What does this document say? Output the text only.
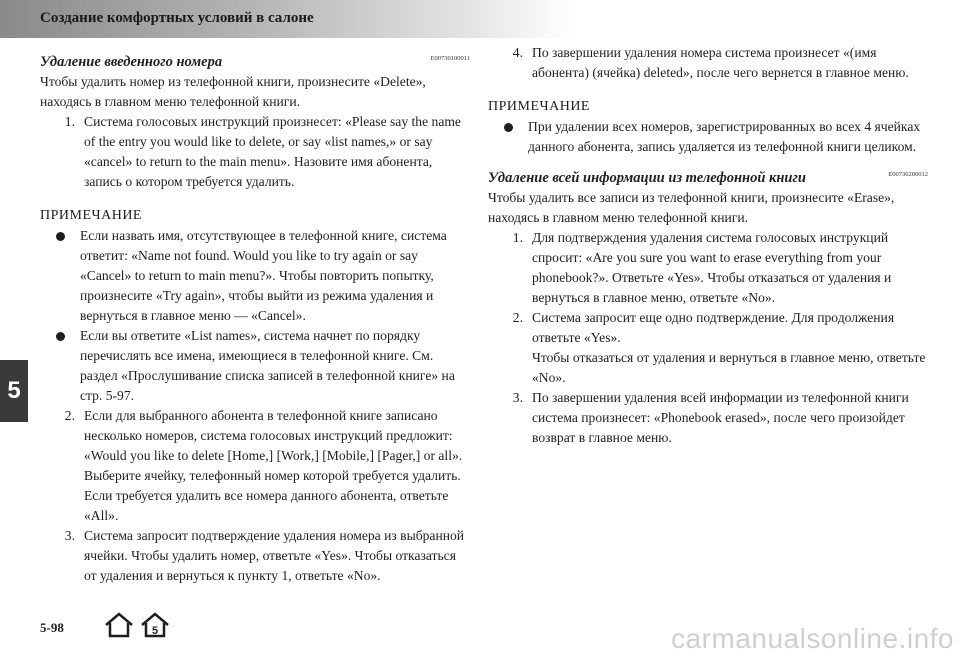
Создание комфортных условий в салоне
5
Удаление введенного номера	E00730100011

Чтобы удалить номер из телефонной книги, произнесите «Delete», находясь в главном меню телефонной книги.

1. Система голосовых инструкций произнесет: «Please say the name of the entry you would like to delete, or say «list names,» or say «cancel» to return to the main menu». Назовите имя абонента, запись о котором требуется удалить.

ПРИМЕЧАНИЕ

Если назвать имя, отсутствующее в телефонной книге, система ответит: «Name not found. Would you like to try again or say «Cancel» to return to main menu?». Чтобы повторить попытку, произнесите «Try again», чтобы выйти из режима удаления и вернуться в главное меню — «Cancel».
Если вы ответите «List names», система начнет по порядку перечислять все имена, имеющиеся в телефонной книге. См. раздел «Прослушивание списка записей в телефонной книге» на стр. 5-97.
2. Если для выбранного абонента в телефонной книге записано несколько номеров, система голосовых инструкций предложит: «Would you like to delete [Home,] [Work,] [Mobile,] [Pager,] or all». Выберите ячейку, телефонный номер которой требуется удалить.
Если требуется удалить все номера данного абонента, ответьте «All».
3. Система запросит подтверждение удаления номера из выбранной ячейки. Чтобы удалить номер, ответьте «Yes». Чтобы отказаться от удаления и вернуться к пункту 1, ответьте «No».
4. По завершении удаления номера система произнесет «(имя абонента) (ячейка) deleted», после чего вернется в главное меню.

ПРИМЕЧАНИЕ

При удалении всех номеров, зарегистрированных во всех 4 ячейках данного абонента, запись удаляется из телефонной книги целиком.
Удаление всей информации из телефонной книги	E00730200012

Чтобы удалить все записи из телефонной книги, произнесите «Erase», находясь в главном меню телефонной книги.

1. Для подтверждения удаления система голосовых инструкций спросит: «Are you sure you want to erase everything from your phonebook?». Ответьте «Yes». Чтобы отказаться от удаления и вернуться в главное меню, ответьте «No».
2. Система запросит еще одно подтверждение. Для продолжения ответьте «Yes».
Чтобы отказаться от удаления и вернуться в главное меню, ответьте «No».
3. По завершении удаления всей информации из телефонной книги система произнесет: «Phonebook erased», после чего произойдет возврат в главное меню.
5-98	5	carmanualsonline.info
